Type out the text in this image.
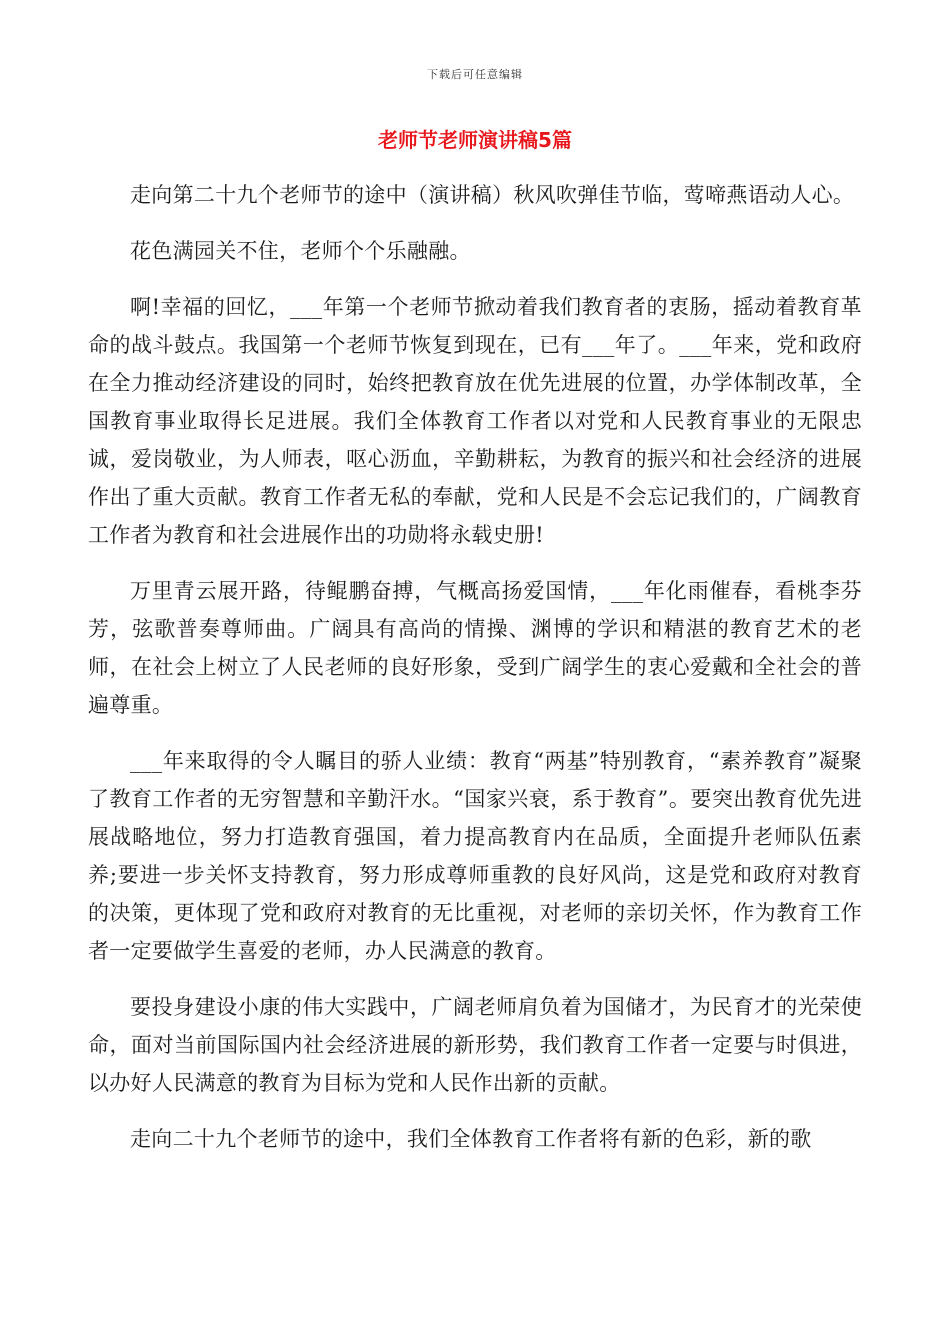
下载后可任意编辑
老师节老师演讲稿5篇

走向第二十九个老师节的途中（演讲稿）秋风吹弹佳节临，莺啼燕语动人心。

花色满园关不住，老师个个乐融融。

啊!幸福的回忆，___年第一个老师节掀动着我们教育者的衷肠，摇动着教育革命的战斗鼓点。我国第一个老师节恢复到现在，已有___年了。___年来，党和政府在全力推动经济建设的同时，始终把教育放在优先进展的位置，办学体制改革，全国教育事业取得长足进展。我们全体教育工作者以对党和人民教育事业的无限忠诚，爱岗敬业，为人师表，呕心沥血，辛勤耕耘，为教育的振兴和社会经济的进展作出了重大贡献。教育工作者无私的奉献，党和人民是不会忘记我们的，广阔教育工作者为教育和社会进展作出的功勋将永载史册!

万里青云展开路，待鲲鹏奋搏，气概高扬爱国情，___年化雨催春，看桃李芬芳，弦歌普奏尊师曲。广阔具有高尚的情操、渊博的学识和精湛的教育艺术的老师，在社会上树立了人民老师的良好形象，受到广阔学生的衷心爱戴和全社会的普遍尊重。

___年来取得的令人瞩目的骄人业绩：教育“两基”特别教育，“素养教育”凝聚了教育工作者的无穷智慧和辛勤汗水。“国家兴衰，系于教育”。要突出教育优先进展战略地位，努力打造教育强国，着力提高教育内在品质，全面提升老师队伍素养;要进一步关怀支持教育，努力形成尊师重教的良好风尚，这是党和政府对教育的决策，更体现了党和政府对教育的无比重视，对老师的亲切关怀，作为教育工作者一定要做学生喜爱的老师，办人民满意的教育。

要投身建设小康的伟大实践中，广阔老师肩负着为国储才，为民育才的光荣使命，面对当前国际国内社会经济进展的新形势，我们教育工作者一定要与时俱进，以办好人民满意的教育为目标为党和人民作出新的贡献。

走向二十九个老师节的途中，我们全体教育工作者将有新的色彩，新的歌
